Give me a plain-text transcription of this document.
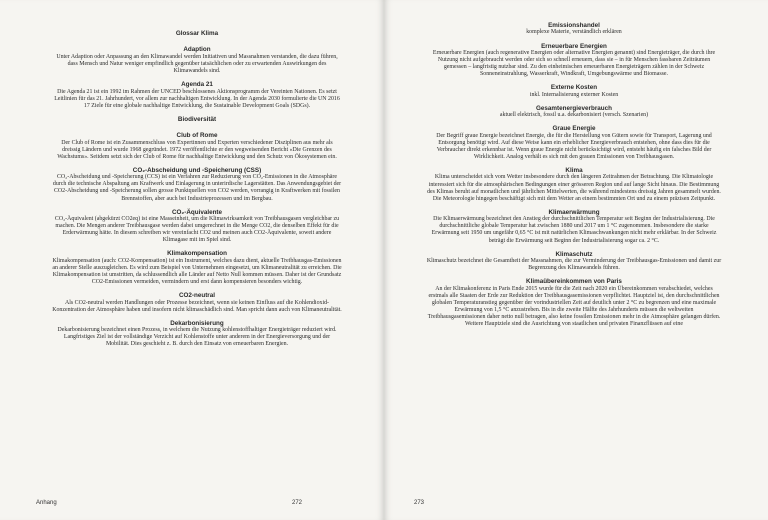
Glossar Klima

Adaption

Unter Adaption oder Anpassung an den Klimawandel werden Initiativen und Massnahmen verstanden, die dazu führen, dass Mensch und Natur weniger empfindlich gegenüber tatsächlichen oder zu erwartenden Auswirkungen des Klimawandels sind.

Agenda 21

Die Agenda 21 ist ein 1992 im Rahmen der UNCED beschlossenes Aktionsprogramm der Vereinten Nationen. Es setzt Leitlinien für das 21. Jahrhundert, vor allem zur nachhaltigen Entwicklung. In der Agenda 2030 formulierte die UN 2016 17 Ziele für eine globale nachhaltige Entwicklung, die Sustainable Development Goals (SDGs).

Biodiversität

Club of Rome

Der Club of Rome ist ein Zusammenschluss von Expertinnen und Experten verschiedener Disziplinen aus mehr als dreissig Ländern und wurde 1968 gegründet. 1972 veröffentlichte er den wegweisenden Bericht «Die Grenzen des Wachstums». Seitdem setzt sich der Club of Rome für nachhaltige Entwicklung und den Schutz von Ökosystemen ein.

CO₂-Abscheidung und -Speicherung (CSS)

CO₂-Abscheidung und -Speicherung (CCS) ist ein Verfahren zur Reduzierung von CO₂-Emissionen in die Atmosphäre durch die technische Abspaltung am Kraftwerk und Einlagerung in unterirdische Lagerstätten. Das Anwendungsgebiet der CO2-Abscheidung und -Speicherung sollen grosse Punktquellen von CO2 werden, vorrangig in Kraftwerken mit fossilen Brennstoffen, aber auch bei Industrieprozessen und im Bergbau.

CO₂-Äquivalente

CO₂-Äquivalent (abgekürzt CO2eq) ist eine Masseinheit, um die Klimawirksamkeit von Treibhausgasen vergleichbar zu machen. Die Mengen anderer Treibhausgase werden dabei umgerechnet in die Menge CO2, die denselben Effekt für die Erderwärmung hätte. In diesem schreiben wir vereinfacht CO2 und meinen auch CO2-Äquivalente, soweit andere Klimagase mit im Spiel sind.

Klimakompensation

Klimakompensation (auch: CO2-Kompensation) ist ein Instrument, welches dazu dient, aktuelle Treibhausgas-Emissionen an anderer Stelle auszugleichen. Es wird zum Beispiel von Unternehmen eingesetzt, um Klimaneutralität zu erreichen. Die Klimakompensation ist umstritten, da schlussendlich alle Länder auf Netto Null kommen müssen. Daher ist der Grundsatz CO2-Emissionen vermeiden, vermindern und erst dann kompensieren besonders wichtig.

CO2-neutral

Als CO2-neutral werden Handlungen oder Prozesse bezeichnet, wenn sie keinen Einfluss auf die Kohlendioxid-Konzentration der Atmosphäre haben und insofern nicht klimaschädlich sind. Man spricht dann auch von Klimaneutralität.

Dekarbonisierung

Dekarbonisierung bezeichnet einen Prozess, in welchem die Nutzung kohlenstoffhaltiger Energieträger reduziert wird. Langfristiges Ziel ist der vollständige Verzicht auf Kohlenstoffe unter anderem in der Energieversorgung und der Mobilität. Dies geschieht z. B. durch den Einsatz von erneuerbaren Energien.

Anhang	272

Emissionshandel

komplexe Materie, verständlich erklären

Erneuerbare Energien

Erneuerbare Energien (auch regenerative Energien oder alternative Energien genannt) sind Energieträger, die durch ihre Nutzung nicht aufgebraucht werden oder sich so schnell erneuern, dass sie – in für Menschen fassbaren Zeiträumen gemessen – langfristig nutzbar sind. Zu den einheimischen erneuerbaren Energieträgern zählen in der Schweiz Sonneneinstrahlung, Wasserkraft, Windkraft, Umgebungswärme und Biomasse.

Externe Kosten

inkl. Internalisierung externer Kosten

Gesamtenergieverbrauch

aktuell elektrisch, fossil u.a. dekarbonisiert (versch. Szenarien)

Graue Energie

Der Begriff graue Energie bezeichnet Energie, die für die Herstellung von Gütern sowie für Transport, Lagerung und Entsorgung benötigt wird. Auf diese Weise kann ein erheblicher Energieverbrauch entstehen, ohne dass dies für die Verbraucher direkt erkennbar ist. Wenn graue Energie nicht berücksichtigt wird, entsteht häufig ein falsches Bild der Wirklichkeit. Analog verhält es sich mit den grauen Emissionen von Treibhausgasen.

Klima

Klima unterscheidet sich vom Wetter insbesondere durch den längeren Zeitrahmen der Betrachtung. Die Klimatologie interessiert sich für die atmosphärischen Bedingungen einer grösseren Region und auf lange Sicht hinaus. Die Bestimmung des Klimas beruht auf monatlichen und jährlichen Mittelwerten, die während mindestens dreissig Jahren gesammelt wurden. Die Meteorologie hingegen beschäftigt sich mit dem Wetter an einem bestimmten Ort und zu einem präzisen Zeitpunkt.

Klimaerwärmung

Die Klimaerwärmung bezeichnet den Anstieg der durchschnittlichen Temperatur seit Beginn der Industrialisierung. Die durchschnittliche globale Temperatur hat zwischen 1880 und 2017 um 1 °C zugenommen. Insbesondere die starke Erwärmung seit 1950 um ungefähr 0,65 °C ist mit natürlichen Klimaschwankungen nicht mehr erklärbar. In der Schweiz beträgt die Erwärmung seit Beginn der Industrialisierung sogar ca. 2 °C.

Klimaschutz

Klimaschutz bezeichnet die Gesamtheit der Massnahmen, die zur Verminderung der Treibhausgas-Emissionen und damit zur Begrenzung des Klimawandels führen.

Klimaübereinkommen von Paris

An der Klimakonferenz in Paris Ende 2015 wurde für die Zeit nach 2020 ein Übereinkommen verabschiedet, welches erstmals alle Staaten der Erde zur Reduktion der Treibhausgasemissionen verpflichtet. Hauptziel ist, den durchschnittlichen globalen Temperaturanstieg gegenüber der vorindustriellen Zeit auf deutlich unter 2 °C zu begrenzen und eine maximale Erwärmung von 1,5 °C anzustreben. Bis in die zweite Hälfte des Jahrhunderts müssen die weltweiten Treibhausgasemissionen daher netto null betragen, also keine fossilen Emissionen mehr in die Atmosphäre gelangen dürfen. Weitere Hauptziele sind die Ausrichtung von staatlichen und privaten Finanzflüssen auf eine

273
